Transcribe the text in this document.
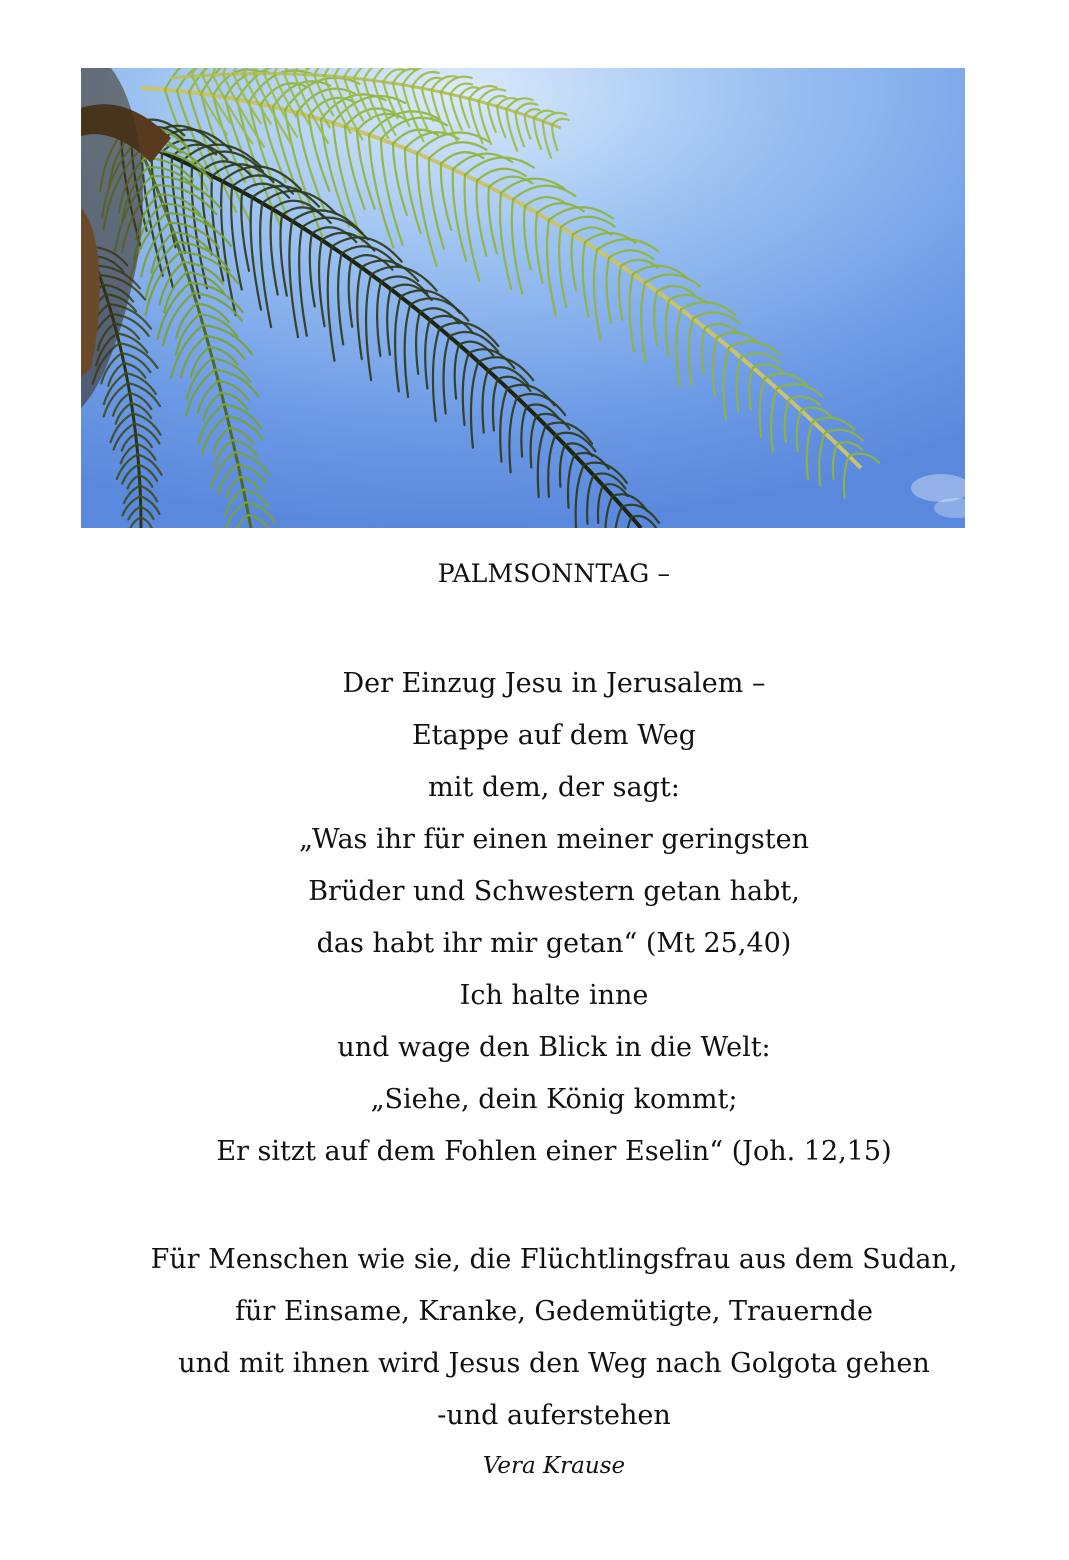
PALMSONNTAG –
Der Einzug Jesu in Jerusalem –
Etappe auf dem Weg
mit dem, der sagt:
„Was ihr für einen meiner geringsten
Brüder und Schwestern getan habt,
das habt ihr mir getan“ (Mt 25,40)
Ich halte inne
und wage den Blick in die Welt:
„Siehe, dein König kommt;
Er sitzt auf dem Fohlen einer Eselin“ (Joh. 12,15)
Für Menschen wie sie, die Flüchtlingsfrau aus dem Sudan,
für Einsame, Kranke, Gedemütigte, Trauernde
und mit ihnen wird Jesus den Weg nach Golgota gehen
-und auferstehen
Vera Krause
